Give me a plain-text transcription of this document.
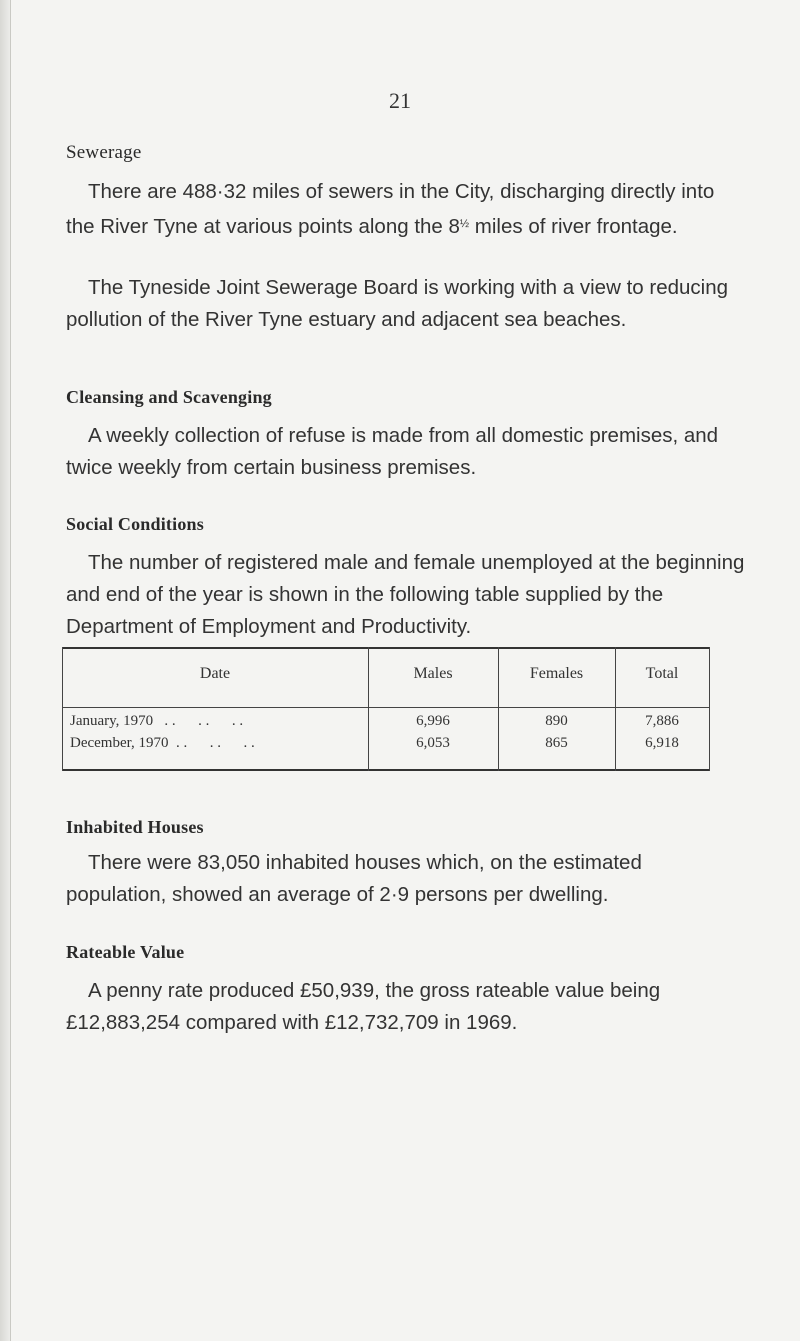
21
Sewerage
There are 488·32 miles of sewers in the City, discharging directly into the River Tyne at various points along the $8^{\frac{1}{2}}$ miles of river frontage.
The Tyneside Joint Sewerage Board is working with a view to reducing pollution of the River Tyne estuary and adjacent sea beaches.
Cleansing and Scavenging
A weekly collection of refuse is made from all domestic premises, and twice weekly from certain business premises.
Social Conditions
The number of registered male and female unemployed at the beginning and end of the year is shown in the following table supplied by the Department of Employment and Productivity.
Date	Males	Females	Total
January, 1970   . .      . .      . .	6,996	890	7,886
December, 1970  . .      . .      . .	6,053	865	6,918
Inhabited Houses
There were 83,050 inhabited houses which, on the estimated population, showed an average of 2·9 persons per dwelling.
Rateable Value
A penny rate produced £50,939, the gross rateable value being £12,883,254 compared with £12,732,709 in 1969.
